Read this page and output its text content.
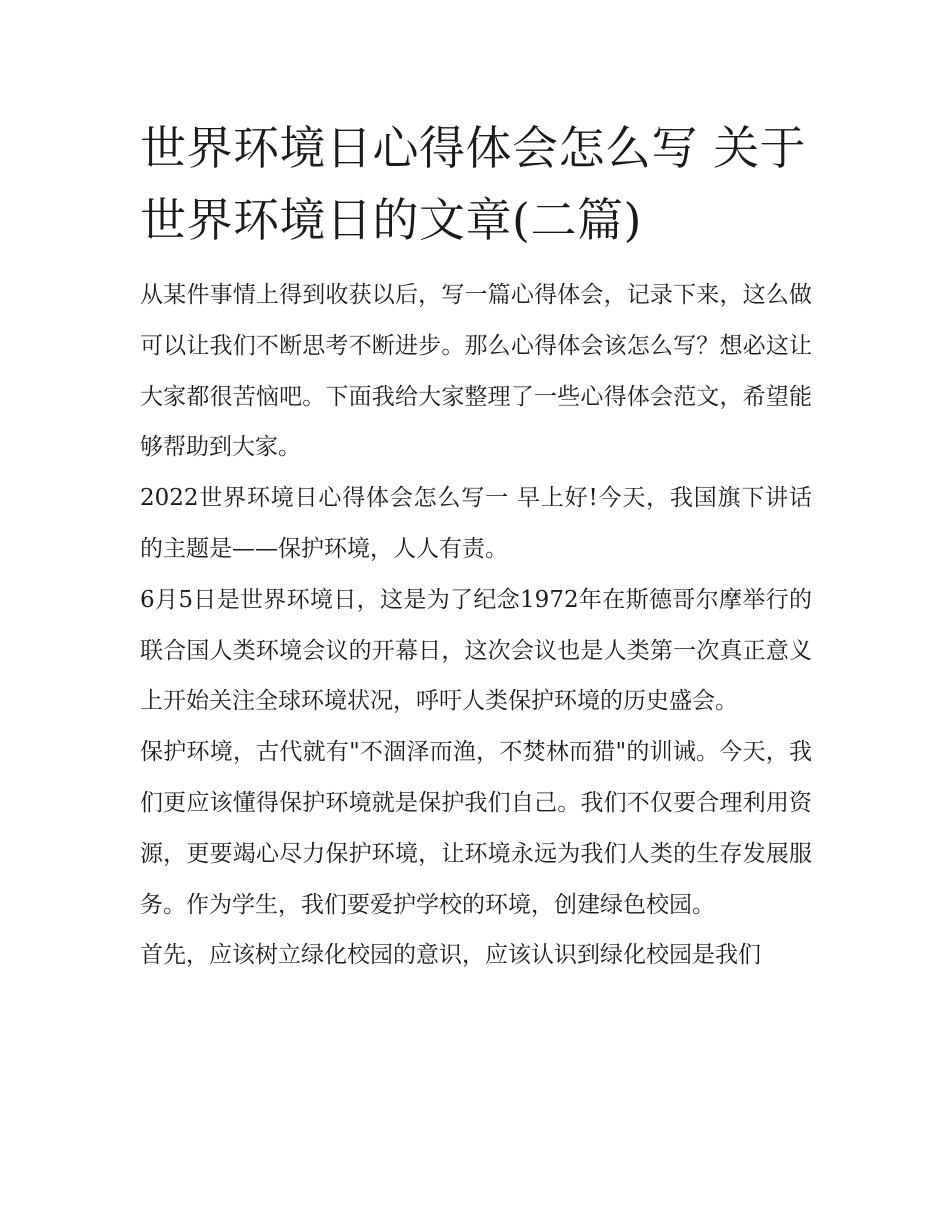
世界环境日心得体会怎么写 关于世界环境日的文章(二篇)

从某件事情上得到收获以后，写一篇心得体会，记录下来，这么做可以让我们不断思考不断进步。那么心得体会该怎么写？想必这让大家都很苦恼吧。下面我给大家整理了一些心得体会范文，希望能够帮助到大家。

2022世界环境日心得体会怎么写一 早上好!今天，我国旗下讲话的主题是——保护环境，人人有责。

6月5日是世界环境日，这是为了纪念1972年在斯德哥尔摩举行的联合国人类环境会议的开幕日，这次会议也是人类第一次真正意义上开始关注全球环境状况，呼吁人类保护环境的历史盛会。

保护环境，古代就有"不涸泽而渔，不焚林而猎"的训诫。今天，我们更应该懂得保护环境就是保护我们自己。我们不仅要合理利用资源，更要竭心尽力保护环境，让环境永远为我们人类的生存发展服务。作为学生，我们要爱护学校的环境，创建绿色校园。

首先，应该树立绿化校园的意识，应该认识到绿化校园是我们
